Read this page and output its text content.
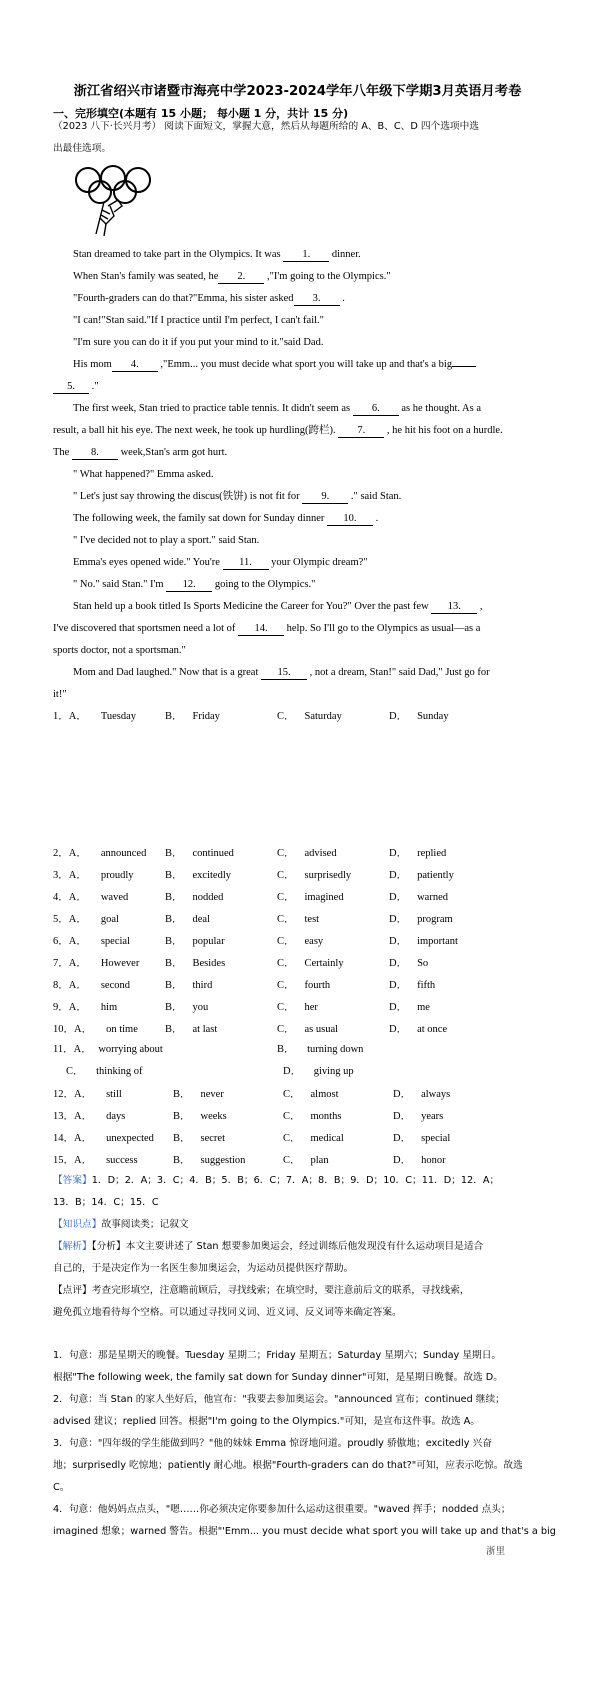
浙江省绍兴市诸暨市海亮中学2023-2024学年八年级下学期3月英语月考卷
一、完形填空(本题有 15 小题； 每小题 1 分，共计 15 分)
（2023 八下·长兴月考） 阅读下面短文，掌握大意，然后从每题所给的 A、B、C、D 四个选项中选
出最佳选项。
Stan dreamed to take part in the Olympics. It was 1. dinner.
When Stan's family was seated, he 2. ,"I'm going to the Olympics."
"Fourth-graders can do that?"Emma, his sister asked 3. .
"I can!"Stan said."If I practice until I'm perfect, I can't fail."
"I'm sure you can do it if you put your mind to it."said Dad.
His mom 4. ,"Emm... you must decide what sport you will take up and that's a big
5. ."
The first week, Stan tried to practice table tennis. It didn't seem as 6. as he thought. As a
result, a ball hit his eye. The next week, he took up hurdling(跨栏). 7. , he hit his foot on a hurdle.
The 8. week,Stan's arm got hurt.
" What happened?" Emma asked.
" Let's just say throwing the discus(铁饼) is not fit for 9. ." said Stan.
The following week, the family sat down for Sunday dinner 10. .
" I've decided not to play a sport." said Stan.
Emma's eyes opened wide." You're 11. your Olympic dream?"
" No." said Stan." I'm 12. going to the Olympics."
Stan held up a book titled Is Sports Medicine the Career for You?" Over the past few 13. ,
I've discovered that sportsmen need a lot of 14. help. So I'll go to the Olympics as usual—as a
sports doctor, not a sportsman."
Mom and Dad laughed." Now that is a great 15. , not a dream, Stan!" said Dad," Just go for
it!"
1．A． Tuesday	B． Friday	C． Saturday	D． Sunday
2．A． announced B． continued	C． advised	D． replied
3．A． proudly	B． excitedly	C． surprisedly	D． patiently
4．A． waved	B． nodded	C． imagined	D． warned
5．A． goal	B． deal	C． test	D． program
6．A． special	B． popular	C． easy	D． important
7．A． However B． Besides	C． Certainly	D． So
8．A． second	B． third	C． fourth	D． fifth
9．A． him	B． you	C． her	D． me
10．A． on time	B． at last	C． as usual	D． at once
11．A． worrying about	B． turning down
C． thinking of	D． giving up
12．A． still	B． never	C． almost	D． always
13．A． days	B． weeks	C． months	D． years
14．A． unexpected B． secret	C． medical	D． special
15．A． success	B． suggestion	C． plan	D． honor
【答案】1．D；2．A；3．C；4．B；5．B；6．C；7．A；8．B；9．D；10．C；11．D；12．A；
13．B；14．C；15．C
【知识点】故事阅读类；记叙文
【解析】【分析】本文主要讲述了 Stan 想要参加奥运会，经过训练后他发现没有什么运动项目是适合
自己的，于是决定作为一名医生参加奥运会，为运动员提供医疗帮助。
【点评】考查完形填空，注意瞻前顾后，寻找线索；在填空时，要注意前后文的联系，寻找线索，
避免孤立地看待每个空格。可以通过寻找同义词、近义词、反义词等来确定答案。
1．句意：那是星期天的晚餐。Tuesday 星期二；Friday 星期五；Saturday 星期六；Sunday 星期日。
根据"The following week, the family sat down for Sunday dinner"可知，是星期日晚餐。故选 D。
2．句意：当 Stan 的家人坐好后，他宣布："我要去参加奥运会。"announced 宣布；continued 继续；
advised 建议；replied 回答。根据"I'm going to the Olympics."可知，是宣布这件事。故选 A。
3．句意："四年级的学生能做到吗？"他的妹妹 Emma 惊讶地问道。proudly 骄傲地；excitedly 兴奋
地；surprisedly 吃惊地；patiently 耐心地。根据"Fourth-graders can do that?"可知，应表示吃惊。故选
C。
4．句意：他妈妈点点头，"嗯……你必须决定你要参加什么运动这很重要。"waved 挥手；nodded 点头；
imagined 想象；warned 警告。根据"'Emm... you must decide what sport you will take up and that's a big
浙里
